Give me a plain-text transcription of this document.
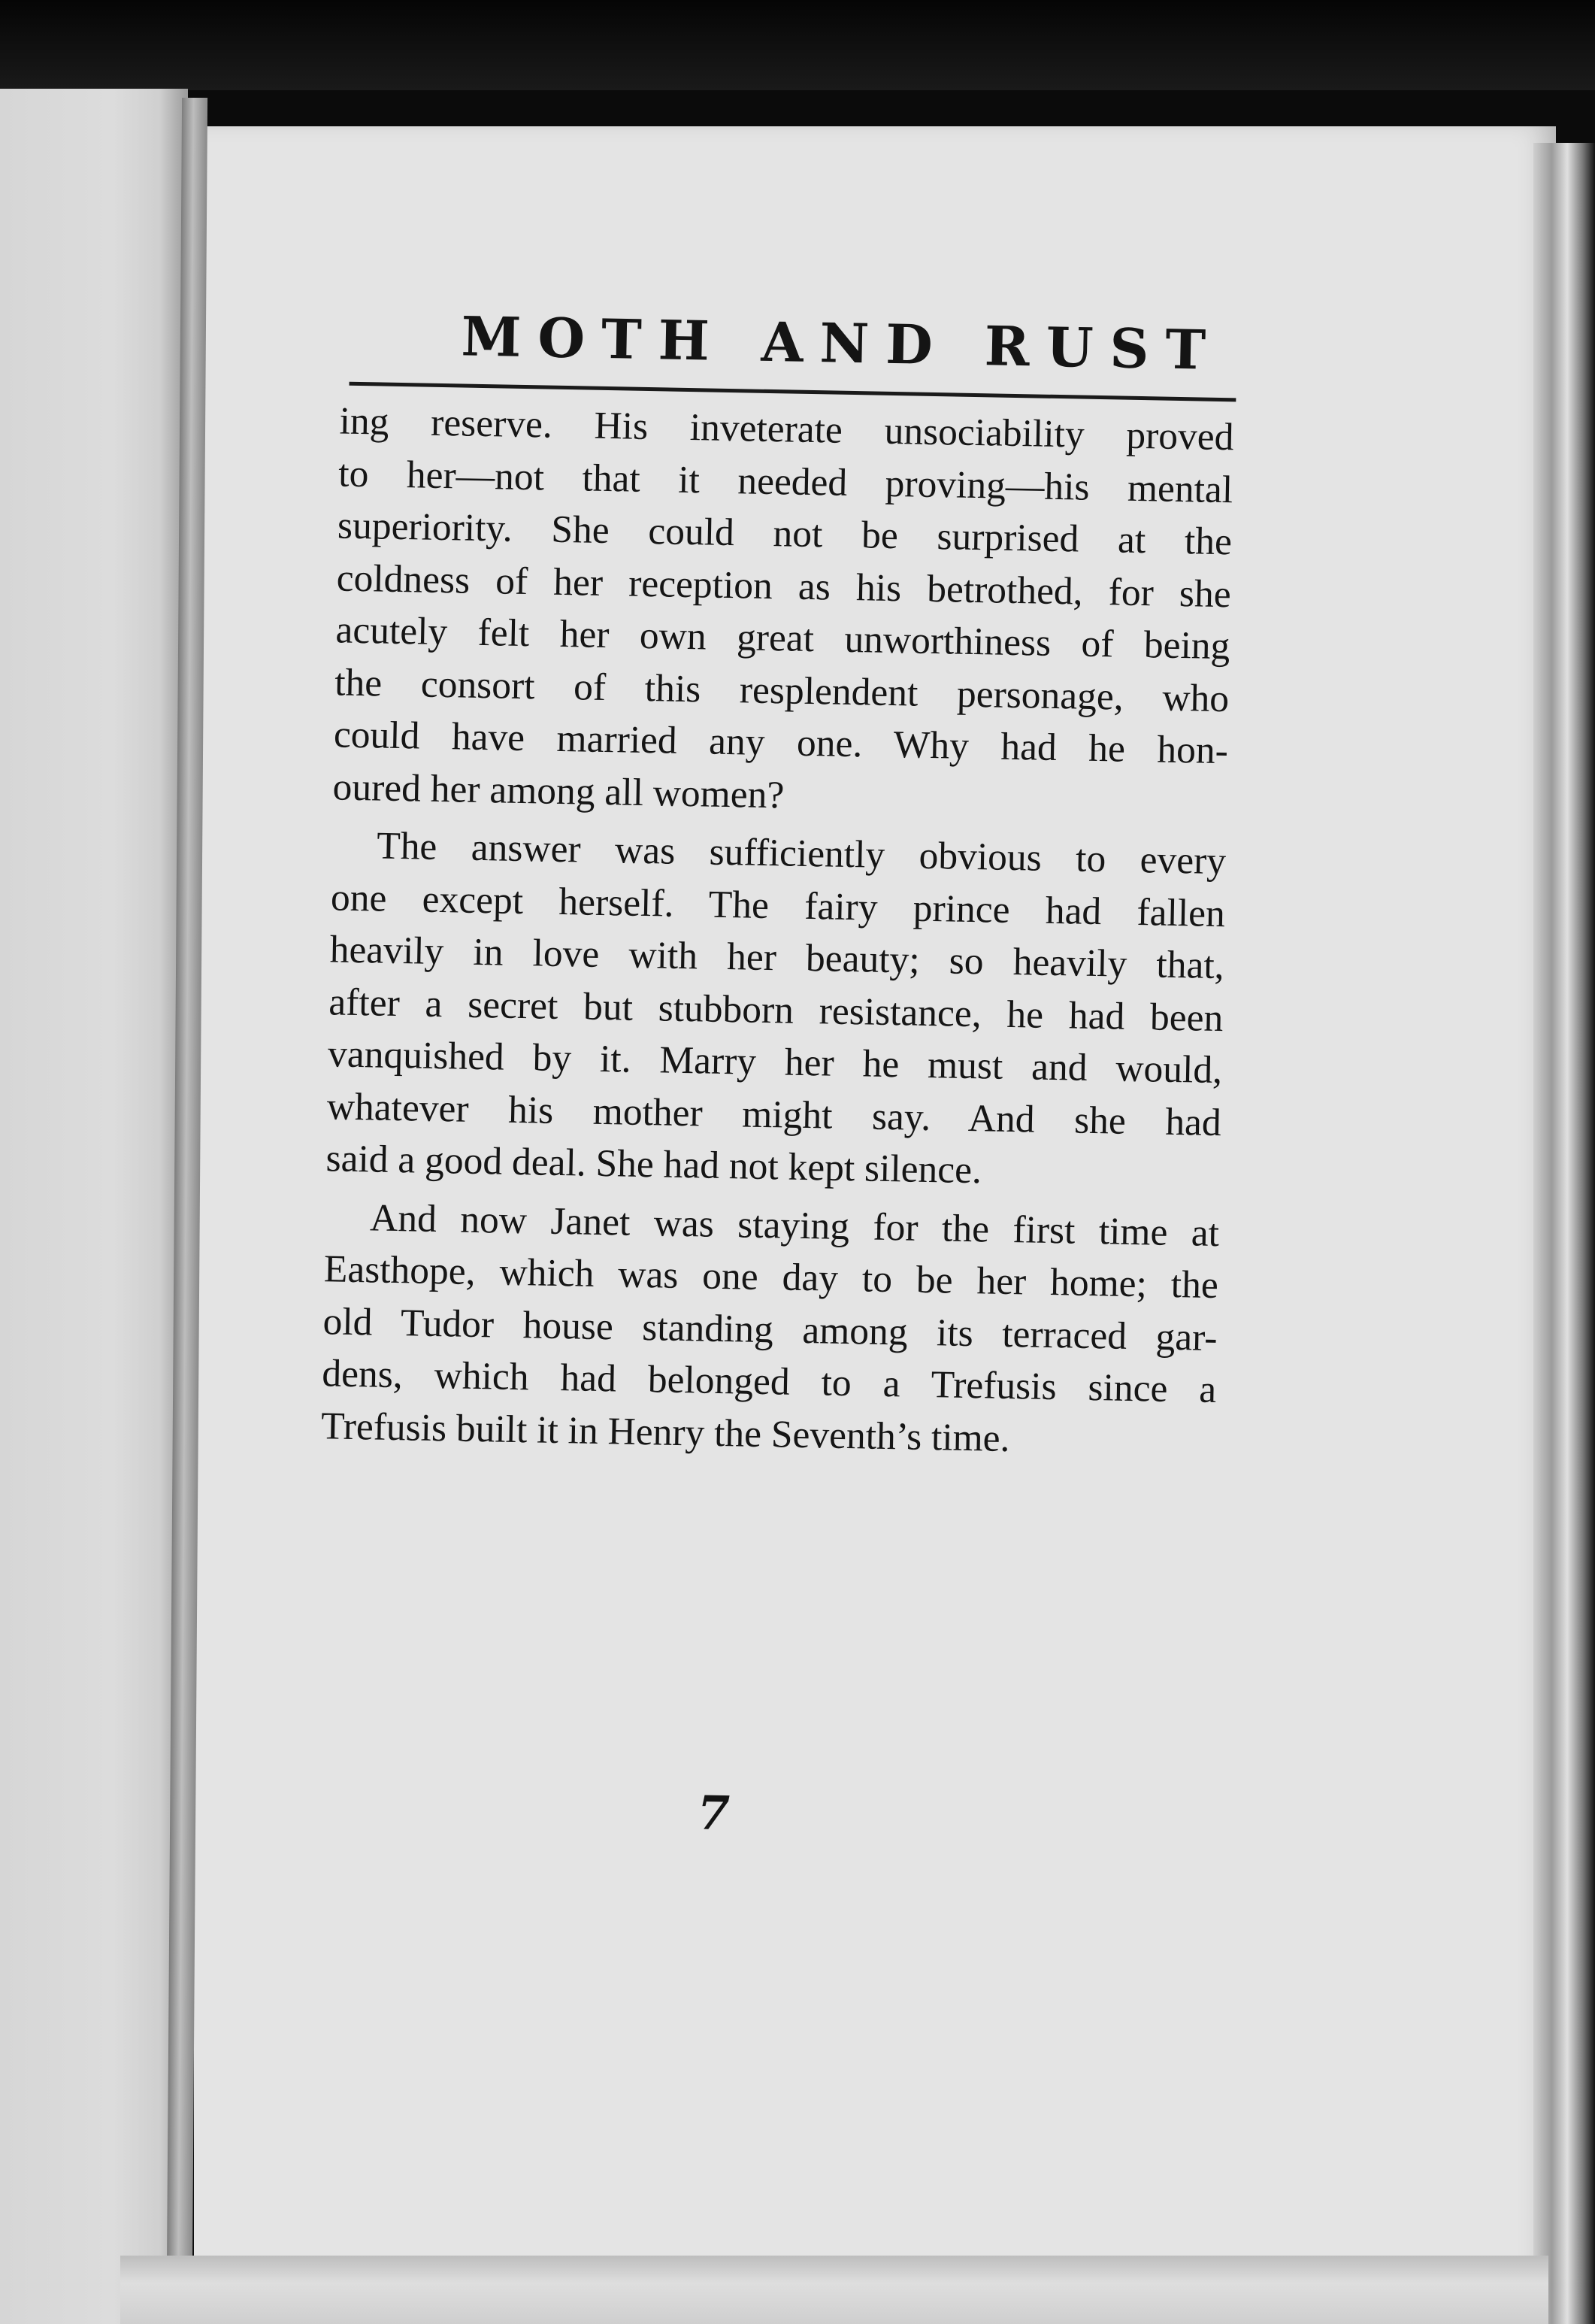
MOTH AND RUST

ing reserve. His inveterate unsociability proved
to her—not that it needed proving—his mental
superiority. She could not be surprised at the
coldness of her reception as his betrothed, for she
acutely felt her own great unworthiness of being
the consort of this resplendent personage, who
could have married any one. Why had he hon-
oured her among all women?

The answer was sufficiently obvious to every
one except herself. The fairy prince had fallen
heavily in love with her beauty; so heavily that,
after a secret but stubborn resistance, he had been
vanquished by it. Marry her he must and would,
whatever his mother might say. And she had
said a good deal. She had not kept silence.

And now Janet was staying for the first time at
Easthope, which was one day to be her home; the
old Tudor house standing among its terraced gar-
dens, which had belonged to a Trefusis since a
Trefusis built it in Henry the Seventh’s time.

7
